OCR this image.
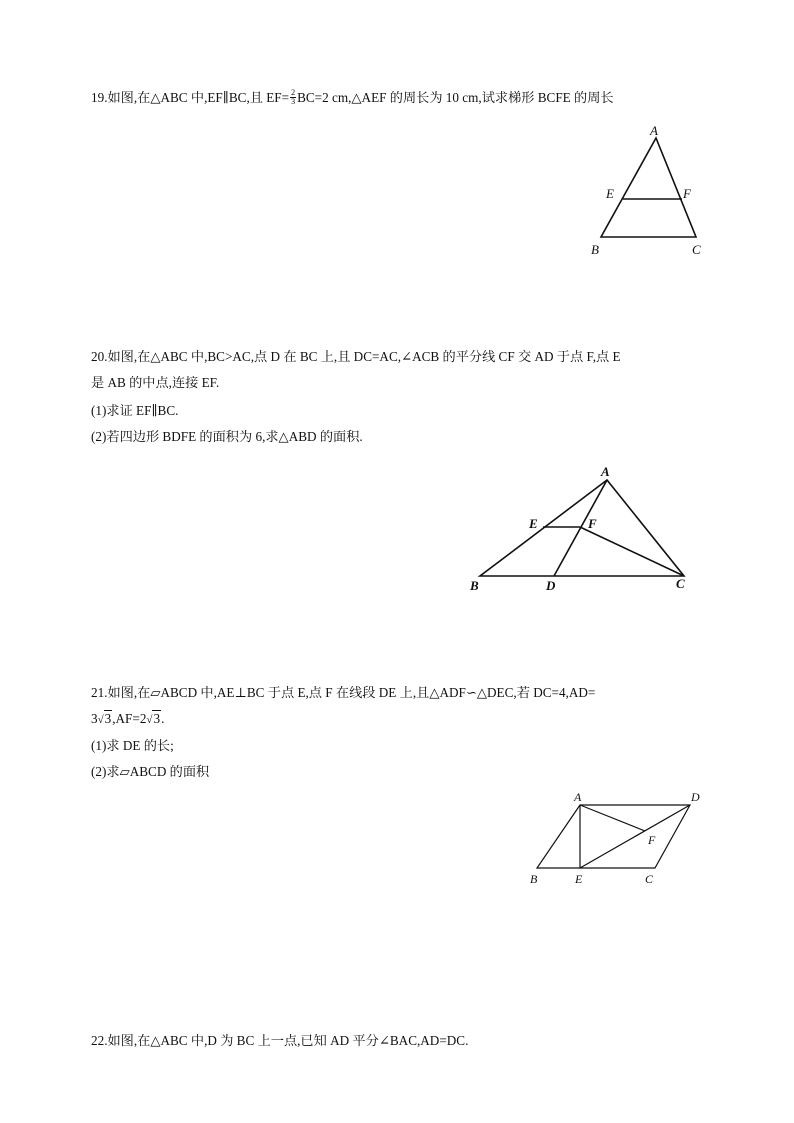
19.如图,在△ABC 中,EF∥BC,且 $EF= \frac{2}{3} BC=2$ cm,△AEF 的周长为 10 cm,试求梯形 BCFE 的周长

A
E	F
B	C

20.如图,在△ABC 中,BC>AC,点 D 在 BC 上,且 DC=AC,∠ACB 的平分线 CF 交 AD 于点 F,点 E

是 AB 的中点,连接 EF.

(1)求证 EF∥BC.

(2)若四边形 BDFE 的面积为 6,求△ABD 的面积.

A
E	F
B	D	C

21.如图,在▱ABCD 中,AE⊥BC 于点 E,点 F 在线段 DE 上,且△ADF∽△DEC,若 DC=4,AD=

3√3,AF=2√3.

(1)求 DE 的长;

(2)求▱ABCD 的面积

A	D
F
B	E	C

22.如图,在△ABC 中,D 为 BC 上一点,已知 AD 平分∠BAC,AD=DC.
